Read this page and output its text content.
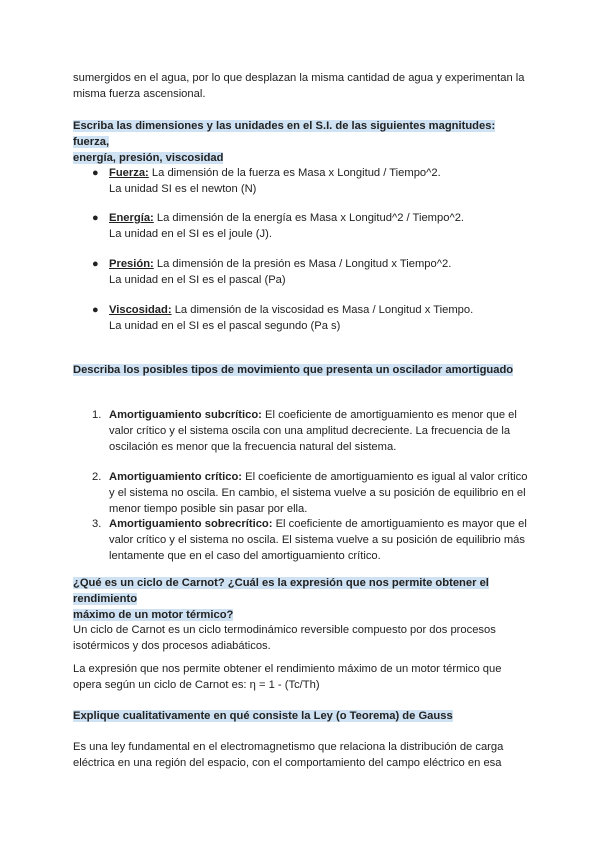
sumergidos en el agua, por lo que desplazan la misma cantidad de agua y experimentan la
misma fuerza ascensional.
Escriba las dimensiones y las unidades en el S.I. de las siguientes magnitudes: fuerza,
energía, presión, viscosidad
● Fuerza: La dimensión de la fuerza es Masa x Longitud / Tiempo^2.
La unidad SI es el newton (N)
● Energía: La dimensión de la energía es Masa x Longitud^2 / Tiempo^2.
La unidad en el SI es el joule (J).
● Presión: La dimensión de la presión es Masa / Longitud x Tiempo^2.
La unidad en el SI es el pascal (Pa)
● Viscosidad: La dimensión de la viscosidad es Masa / Longitud x Tiempo.
La unidad en el SI es el pascal segundo (Pa s)
Describa los posibles tipos de movimiento que presenta un oscilador amortiguado
1. Amortiguamiento subcrítico: El coeficiente de amortiguamiento es menor que el valor crítico y el sistema oscila con una amplitud decreciente. La frecuencia de la oscilación es menor que la frecuencia natural del sistema.
2. Amortiguamiento crítico: El coeficiente de amortiguamiento es igual al valor crítico y el sistema no oscila. En cambio, el sistema vuelve a su posición de equilibrio en el menor tiempo posible sin pasar por ella.
3. Amortiguamiento sobrecrítico: El coeficiente de amortiguamiento es mayor que el valor crítico y el sistema no oscila. El sistema vuelve a su posición de equilibrio más lentamente que en el caso del amortiguamiento crítico.
¿Qué es un ciclo de Carnot? ¿Cuál es la expresión que nos permite obtener el rendimiento
máximo de un motor térmico?
Un ciclo de Carnot es un ciclo termodinámico reversible compuesto por dos procesos isotérmicos y dos procesos adiabáticos.
La expresión que nos permite obtener el rendimiento máximo de un motor térmico que opera según un ciclo de Carnot es: η = 1 - (Tc/Th)
Explique cualitativamente en qué consiste la Ley (o Teorema) de Gauss
Es una ley fundamental en el electromagnetismo que relaciona la distribución de carga eléctrica en una región del espacio, con el comportamiento del campo eléctrico en esa
